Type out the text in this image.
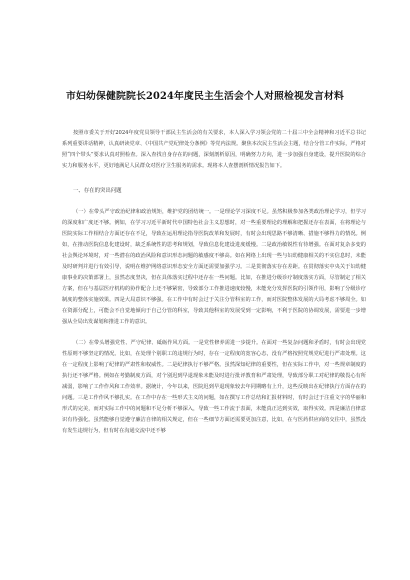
市妇幼保健院院长2024年度民主生活会个人对照检视发言材料

按照市委关于开好2024年度党员领导干部民主生活会的有关要求，本人深入学习领会党的二十届三中全会精神和习近平总书记系列重要讲话精神，认真研读党章、《中国共产党纪律处分条例》等党内法规。聚焦本次民主生活会主题，结合分管工作实际，严格对照“四个带头”要求认真对照检查。深入查找自身存在的问题，深刻剖析原因，明确努力方向，进一步加强自身建设，提升医院的综合实力和服务水平，更好地满足人民群众对医疗卫生服务的需求。现将本人查摆剖析情况报告如下。

一、存在的突出问题

（一）在带头严守政治纪律和政治规矩，维护党的团结统一。一是理论学习深度不足。虽然积极参加各类政治理论学习，但学习的深度和广度还不够。例如，在学习习近平新时代中国特色社会主义思想时，对一些重要理论的理解和把握还存在表面，在将理论与医院实际工作相结合方面还存在不足，导致在运用理论指导医院改革和发展时，有时会出现思路不够清晰、措施不够得力的情况。例如，在推动医院信息化建设时，缺乏系统性的思考和规划，导致信息化建设进度缓慢。二是政治敏锐性有待增强。在面对复杂多变的社会舆论环境时，对一些潜在的政治风险和意识形态问题的敏感度不够高。如在网络上出现一些与妇幼健康相关的不实信息时，未能及时研判并进行有效引导，说明在维护网络意识形态安全方面还需要加强学习。三是贯彻落实存在差距。在贯彻落实中央关于妇幼健康事业的决策部署上，虽然态度坚决，但在具体落实过程中还存在一些问题。比如，在推进分级诊疗制度落实方面，尽管制定了相关方案，但在与基层医疗机构的协作配合上还不够紧密，导致部分工作推进速度较慢，未能充分发挥医院的引领作用，影响了分级诊疗制度的整体实施效果。四是大局意识不够强。在工作中有时会过于关注分管科室的工作，而对医院整体发展的大局考虑不够周全。如在资源分配上，可能会不自觉地倾向于自己分管的科室，导致其他科室的发展受到一定影响，不利于医院的协调发展，需要进一步增强从全局出发谋划和推进工作的意识。

（二）在带头增强党性、严守纪律、砥砺作风方面。一是党性修养需进一步提升。在面对一些复杂问题和矛盾时，有时会出现党性原则不够坚定的情况。比如，在处理个别职工的违规行为时，存在一定程度的宽容心态，没有严格按照党规党纪进行严肃处理。这在一定程度上影响了纪律的严肃性和权威性。二是纪律执行不够严格。虽然深知纪律的重要性，但在实际工作中，对一些规章制度的执行还不够严格。例如在考勤制度方面，对个别迟到早退现象未能及时进行批评教育和严肃处理，导致部分职工对纪律的敬畏心有所减弱，影响了工作作风和工作效率。据统计，今年以来，医院迟到早退现象较去年同期略有上升，这些反映出在纪律执行方面存在的问题。三是工作作风不够扎实。在工作中存在一些形式主义的问题，如在撰写工作总结和汇报材料时，有时会过于注重文字的华丽和形式的完美，而对实际工作中的问题和不足分析不够深入，导致一些工作流于表面，未能真正达到实效，取得实效。四是廉洁自律意识有待强化。虽然能够自觉遵守廉洁自律的相关规定，但在一些细节方面还需要更加注意，比如，在与医药供应商的交往中，虽然没有发生违规行为，但有时在沟通交流中还不够
